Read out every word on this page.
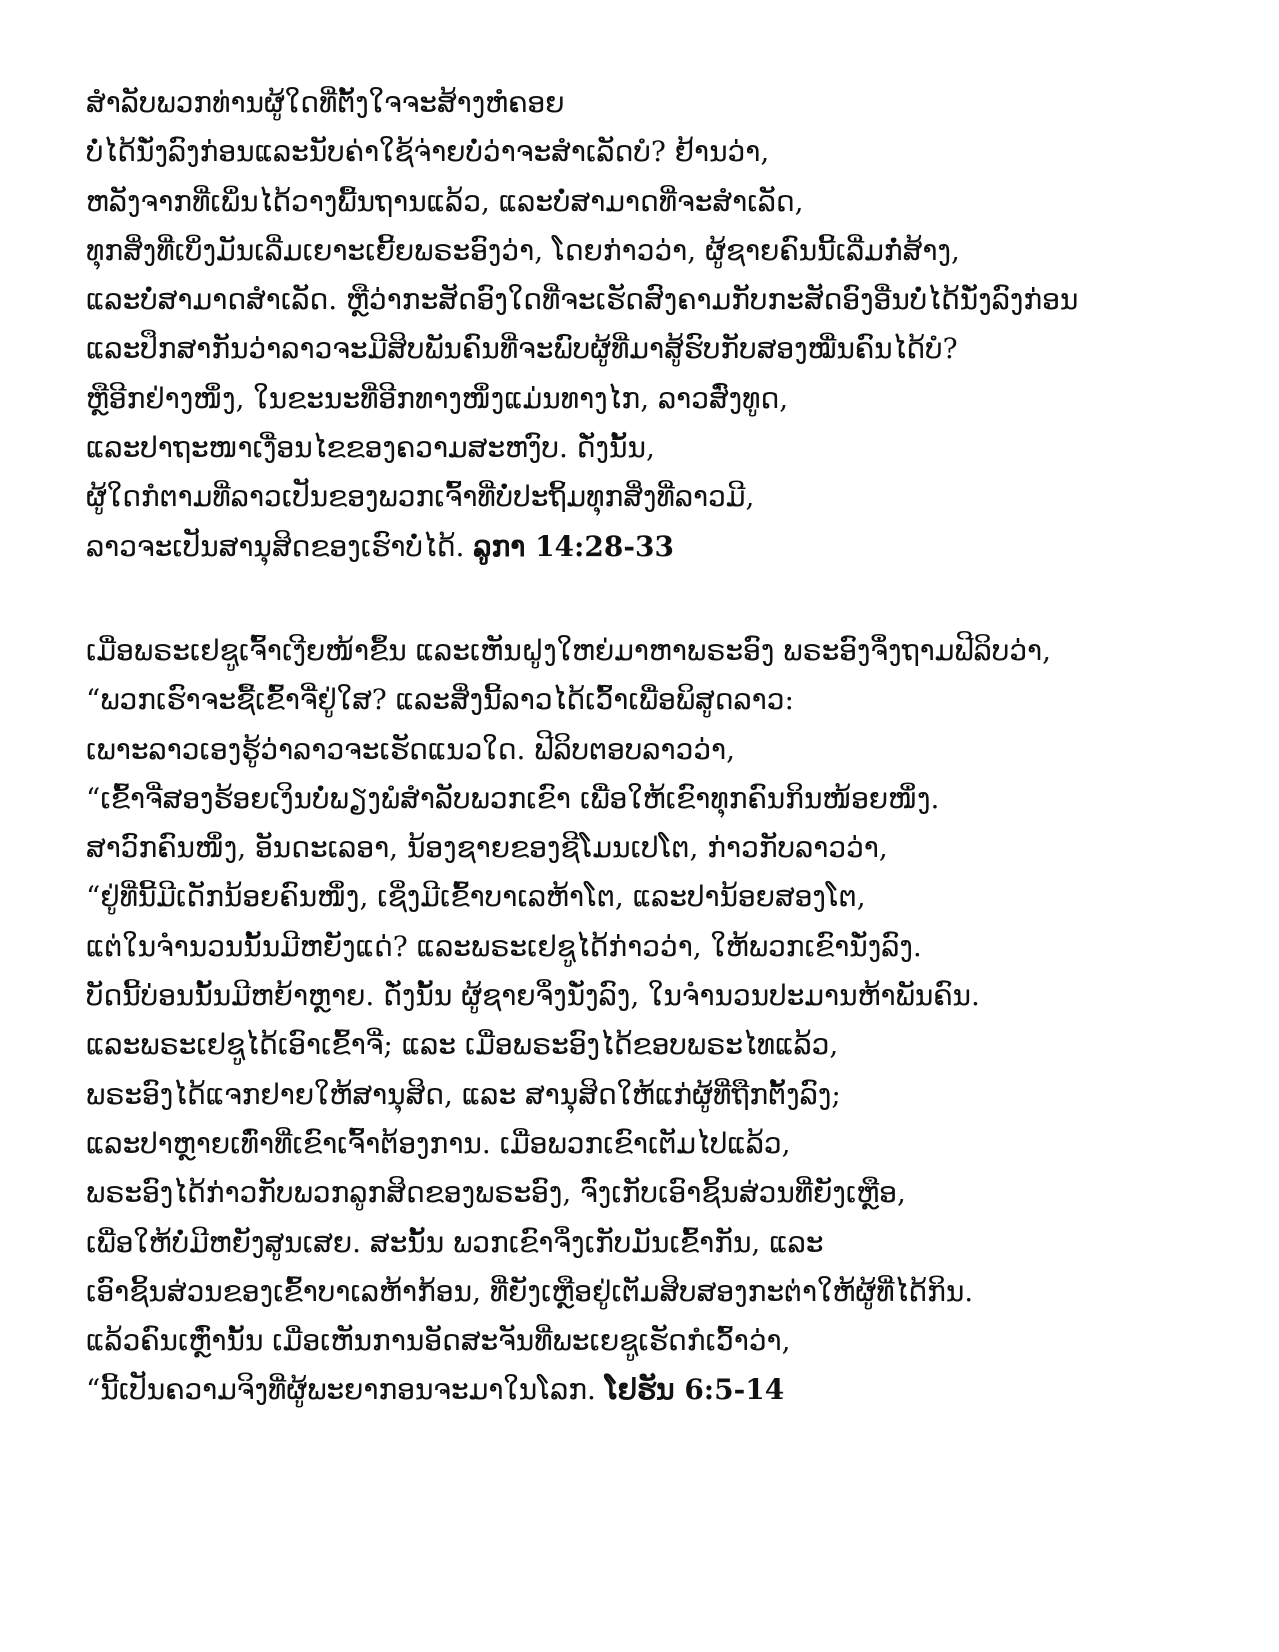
ສຳລັບພວກທ່ານຜູ້ໃດທີ່ຕັ້ງໃຈຈະສ້າງຫໍຄອຍ
ບໍ່ໄດ້ນັ່ງລົງກ່ອນແລະນັບຄ່າໃຊ້ຈ່າຍບໍ່ວ່າຈະສຳເລັດບໍ? ຢ້ານວ່າ,
ຫລັງຈາກທີ່ເພິ່ນໄດ້ວາງພື້ນຖານແລ້ວ, ແລະບໍ່ສາມາດທີ່ຈະສຳເລັດ,
ທຸກສິ່ງທີ່ເບິ່ງມັນເລີ່ມເຍາະເຍີ້ຍພຣະອົງວ່າ, ໂດຍກ່າວວ່າ, ຜູ້ຊາຍຄົນນີ້ເລີ່ມກໍ່ສ້າງ,
ແລະບໍ່ສາມາດສຳເລັດ. ຫຼືວ່າກະສັດອົງໃດທີ່ຈະເຮັດສົງຄາມກັບກະສັດອົງອື່ນບໍ່ໄດ້ນັ່ງລົງກ່ອນ
ແລະປຶກສາກັນວ່າລາວຈະມີສິບພັນຄົນທີ່ຈະພົບຜູ້ທີ່ມາສູ້ຮົບກັບສອງໝື່ນຄົນໄດ້ບໍ?
ຫຼືອີກຢ່າງໜຶ່ງ, ໃນຂະນະທີ່ອີກທາງໜຶ່ງແມ່ນທາງໄກ, ລາວສົ່ງທູດ,
ແລະປາຖະໜາເງື່ອນໄຂຂອງຄວາມສະຫງົບ. ດັ່ງນັ້ນ,
ຜູ້ໃດກໍຕາມທີ່ລາວເປັນຂອງພວກເຈົ້າທີ່ບໍ່ປະຖິ້ມທຸກສິ່ງທີ່ລາວມີ,
ລາວຈະເປັນສານຸສິດຂອງເຮົາບໍ່ໄດ້. ລູກາ 14:28-33
ເມື່ອພຣະເຢຊູເຈົ້າເງີຍໜ້າຂຶ້ນ ແລະເຫັນຝູງໃຫຍ່ມາຫາພຣະອົງ ພຣະອົງຈຶ່ງຖາມຟີລິບວ່າ,
“ພວກເຮົາຈະຊື້ເຂົ້າຈີ່ຢູ່ໃສ? ແລະສິ່ງນີ້ລາວໄດ້ເວົ້າເພື່ອພິສູດລາວ:
ເພາະລາວເອງຮູ້ວ່າລາວຈະເຮັດແນວໃດ. ຟີລິບຕອບລາວວ່າ,
“ເຂົ້າຈີ່ສອງຮ້ອຍເງິນບໍ່ພຽງພໍສຳລັບພວກເຂົາ ເພື່ອໃຫ້ເຂົາທຸກຄົນກິນໜ້ອຍໜຶ່ງ.
ສາວົກຄົນໜຶ່ງ, ອັນດະເລອາ, ນ້ອງຊາຍຂອງຊີໂມນເປໂຕ, ກ່າວກັບລາວວ່າ,
“ຢູ່ທີ່ນີ້ມີເດັກນ້ອຍຄົນໜຶ່ງ, ເຊິ່ງມີເຂົ້າບາເລຫ້າໂຕ, ແລະປານ້ອຍສອງໂຕ,
ແຕ່ໃນຈຳນວນນັ້ນມີຫຍັງແດ່? ແລະພຣະເຢຊູໄດ້ກ່າວວ່າ, ໃຫ້ພວກເຂົານັ່ງລົງ.
ບັດນີ້ບ່ອນນັ້ນມີຫຍ້າຫຼາຍ. ດັ່ງນັ້ນ ຜູ້ຊາຍຈຶ່ງນັ່ງລົງ, ໃນຈຳນວນປະມານຫ້າພັນຄົນ.
ແລະພຣະເຢຊູໄດ້ເອົາເຂົ້າຈີ່; ແລະ ເມື່ອພຣະອົງໄດ້ຂອບພຣະໄທແລ້ວ,
ພຣະອົງໄດ້ແຈກຢາຍໃຫ້ສານຸສິດ, ແລະ ສານຸສິດໃຫ້ແກ່ຜູ້ທີ່ຖືກຕັ້ງລົງ;
ແລະປາຫຼາຍເທົ່າທີ່ເຂົາເຈົ້າຕ້ອງການ. ເມື່ອພວກເຂົາເຕັມໄປແລ້ວ,
ພຣະອົງໄດ້ກ່າວກັບພວກລູກສິດຂອງພຣະອົງ, ຈົ່ງເກັບເອົາຊິ້ນສ່ວນທີ່ຍັງເຫຼືອ,
ເພື່ອໃຫ້ບໍ່ມີຫຍັງສູນເສຍ. ສະນັ້ນ ພວກເຂົາຈຶ່ງເກັບມັນເຂົ້າກັນ, ແລະ
ເອົາຊິ້ນສ່ວນຂອງເຂົ້າບາເລຫ້າກ້ອນ, ທີ່ຍັງເຫຼືອຢູ່ເຕັມສິບສອງກະຕ່າໃຫ້ຜູ້ທີ່ໄດ້ກິນ.
ແລ້ວຄົນເຫຼົ່ານັ້ນ ເມື່ອເຫັນການອັດສະຈັນທີ່ພະເຍຊູເຮັດກໍເວົ້າວ່າ,
“ນີ້ເປັນຄວາມຈິງທີ່ຜູ້ພະຍາກອນຈະມາໃນໂລກ. ໂຢຮັນ 6:5-14
